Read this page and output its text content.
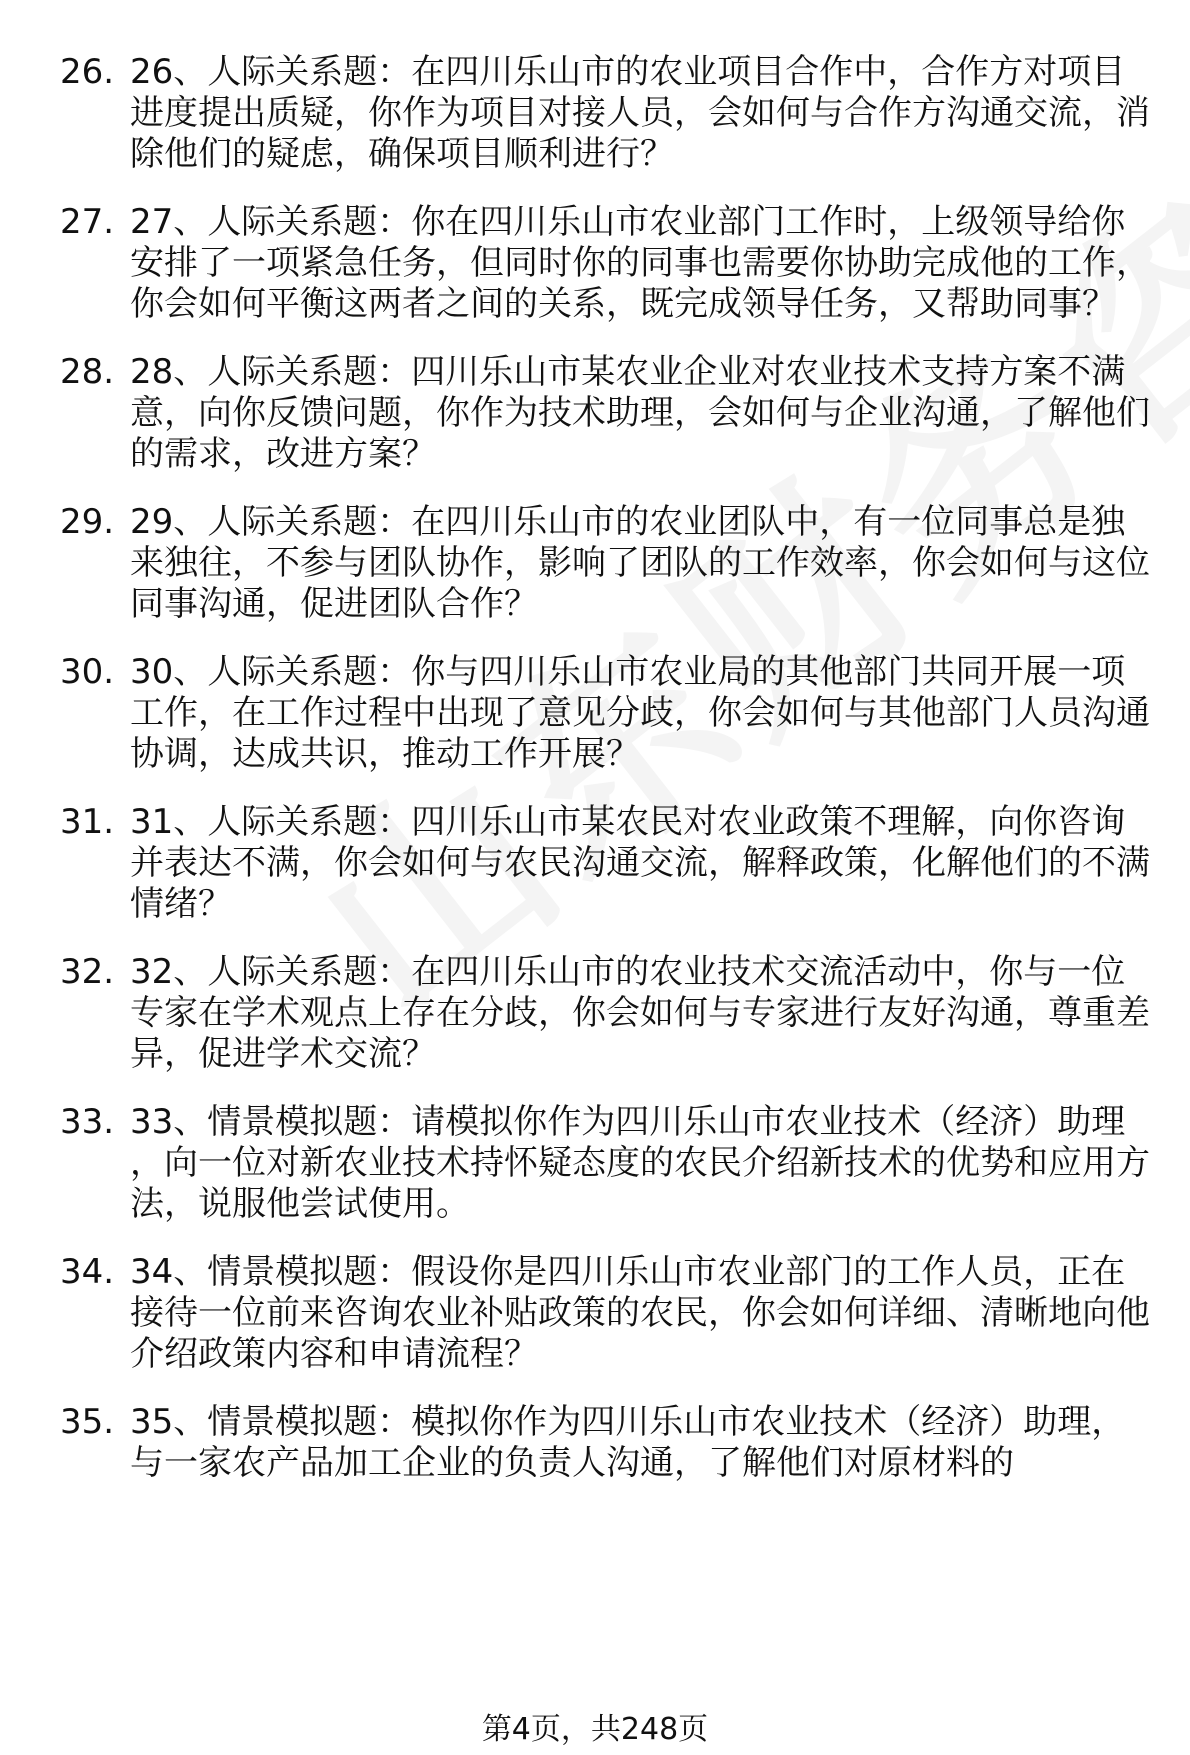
26. 26、人际关系题：在四川乐山市的农业项目合作中，合作方对项目进度提出质疑，你作为项目对接人员，会如何与合作方沟通交流，消除他们的疑虑，确保项目顺利进行？
27. 27、人际关系题：你在四川乐山市农业部门工作时，上级领导给你安排了一项紧急任务，但同时你的同事也需要你协助完成他的工作，你会如何平衡这两者之间的关系，既完成领导任务，又帮助同事？
28. 28、人际关系题：四川乐山市某农业企业对农业技术支持方案不满意，向你反馈问题，你作为技术助理，会如何与企业沟通，了解他们的需求，改进方案？
29. 29、人际关系题：在四川乐山市的农业团队中，有一位同事总是独来独往，不参与团队协作，影响了团队的工作效率，你会如何与这位同事沟通，促进团队合作？
30. 30、人际关系题：你与四川乐山市农业局的其他部门共同开展一项工作，在工作过程中出现了意见分歧，你会如何与其他部门人员沟通协调，达成共识，推动工作开展？
31. 31、人际关系题：四川乐山市某农民对农业政策不理解，向你咨询并表达不满，你会如何与农民沟通交流，解释政策，化解他们的不满情绪？
32. 32、人际关系题：在四川乐山市的农业技术交流活动中，你与一位专家在学术观点上存在分歧，你会如何与专家进行友好沟通，尊重差异，促进学术交流？
33. 33、情景模拟题：请模拟你作为四川乐山市农业技术（经济）助理，向一位对新农业技术持怀疑态度的农民介绍新技术的优势和应用方法，说服他尝试使用。
34. 34、情景模拟题：假设你是四川乐山市农业部门的工作人员，正在接待一位前来咨询农业补贴政策的农民，你会如何详细、清晰地向他介绍政策内容和申请流程？
35. 35、情景模拟题：模拟你作为四川乐山市农业技术（经济）助理，与一家农产品加工企业的负责人沟通，了解他们对原材料的
第4页，共248页
